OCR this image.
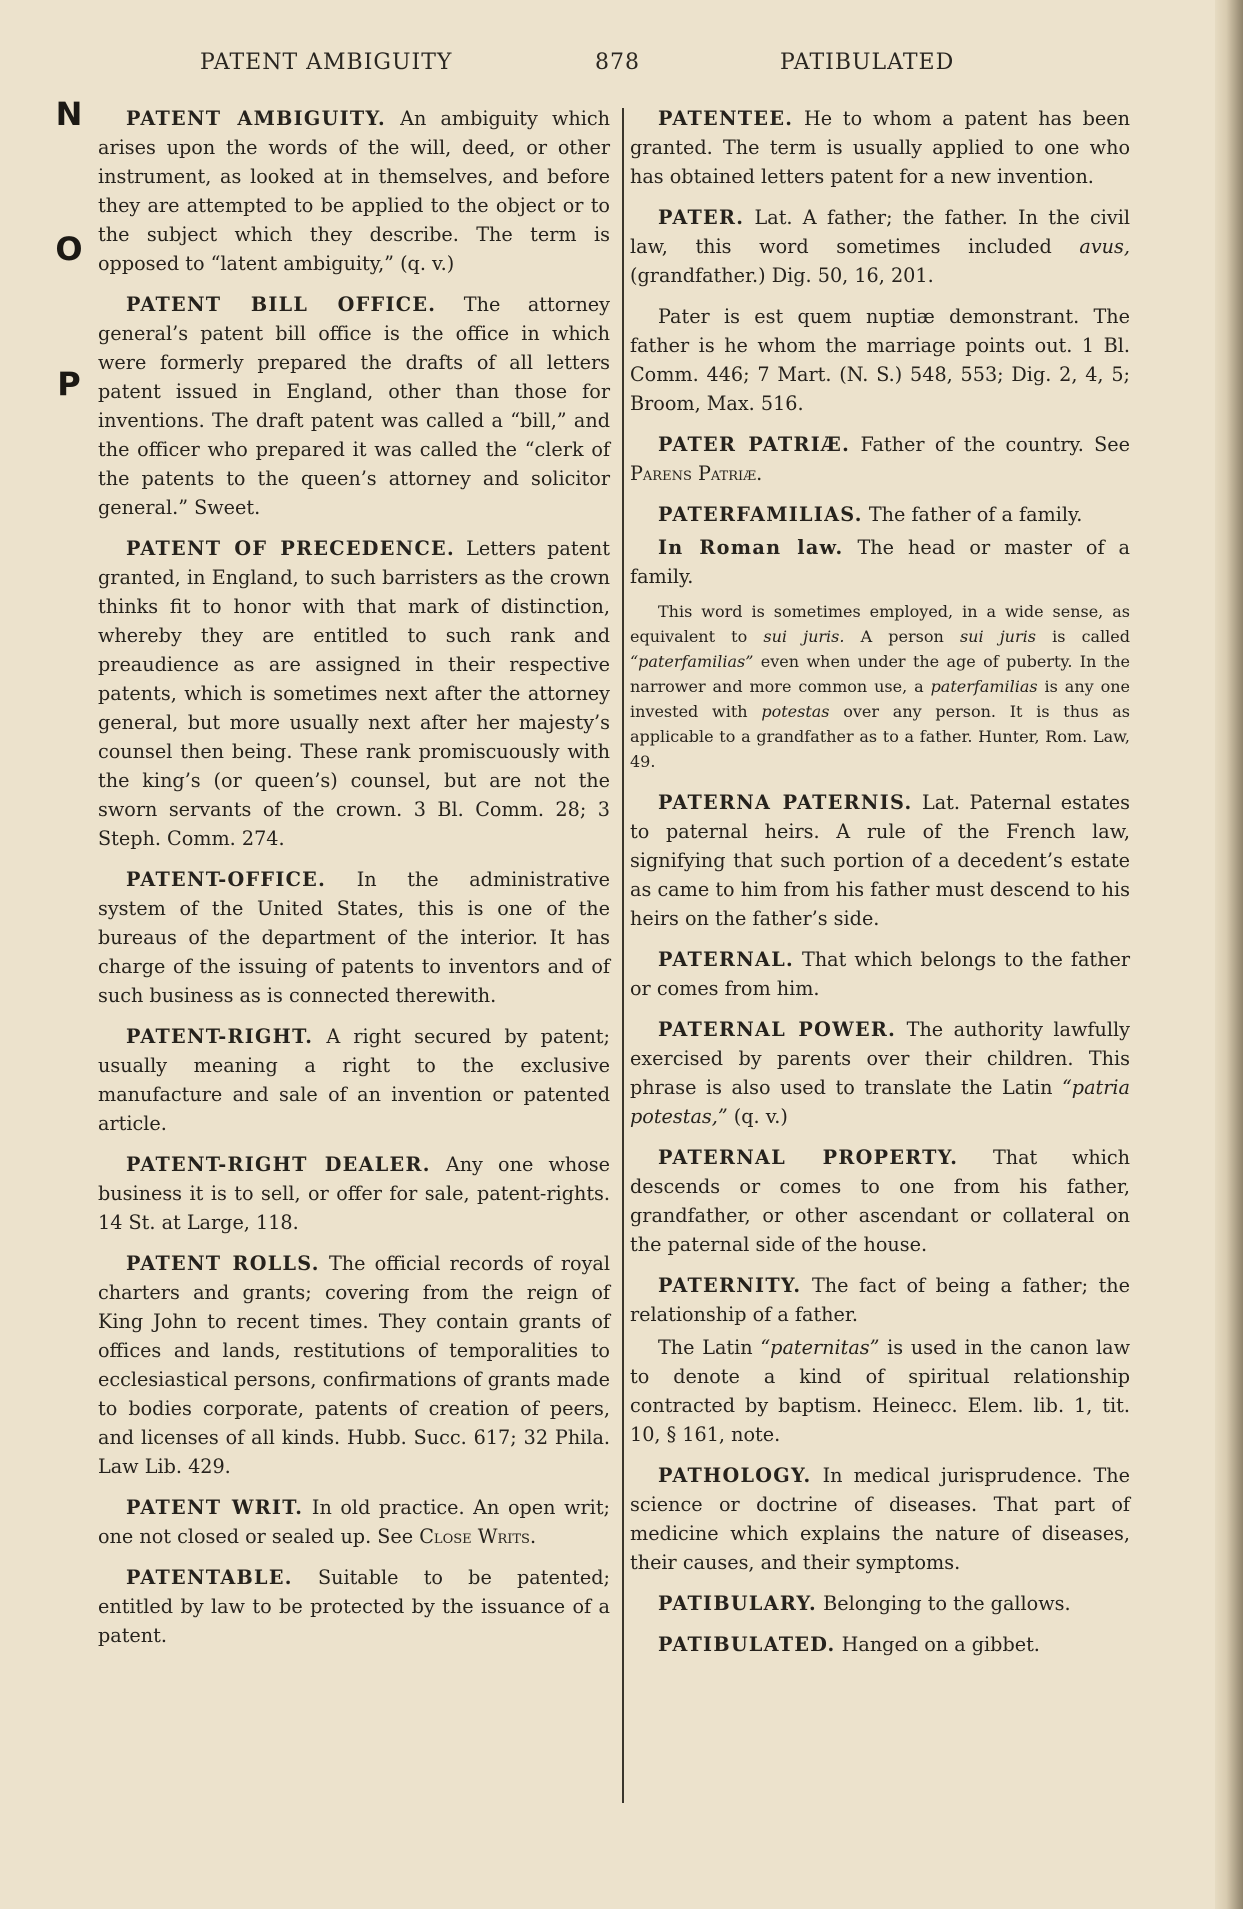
N
O
P
PATENT AMBIGUITY	878	PATIBULATED

PATENT AMBIGUITY. An ambiguity which arises upon the words of the will, deed, or other instrument, as looked at in themselves, and before they are attempted to be applied to the object or to the subject which they describe. The term is opposed to “latent ambiguity,” (q. v.)

PATENT BILL OFFICE. The attorney general’s patent bill office is the office in which were formerly prepared the drafts of all letters patent issued in England, other than those for inventions. The draft patent was called a “bill,” and the officer who prepared it was called the “clerk of the patents to the queen’s attorney and solicitor general.” Sweet.

PATENT OF PRECEDENCE. Letters patent granted, in England, to such barristers as the crown thinks fit to honor with that mark of distinction, whereby they are entitled to such rank and preaudience as are assigned in their respective patents, which is sometimes next after the attorney general, but more usually next after her majesty’s counsel then being. These rank promiscuously with the king’s (or queen’s) counsel, but are not the sworn servants of the crown. 3 Bl. Comm. 28; 3 Steph. Comm. 274.

PATENT-OFFICE. In the administrative system of the United States, this is one of the bureaus of the department of the interior. It has charge of the issuing of patents to inventors and of such business as is connected therewith.

PATENT-RIGHT. A right secured by patent; usually meaning a right to the exclusive manufacture and sale of an invention or patented article.

PATENT-RIGHT DEALER. Any one whose business it is to sell, or offer for sale, patent-rights. 14 St. at Large, 118.

PATENT ROLLS. The official records of royal charters and grants; covering from the reign of King John to recent times. They contain grants of offices and lands, restitutions of temporalities to ecclesiastical persons, confirmations of grants made to bodies corporate, patents of creation of peers, and licenses of all kinds. Hubb. Succ. 617; 32 Phila. Law Lib. 429.

PATENT WRIT. In old practice. An open writ; one not closed or sealed up. See Close Writs.

PATENTABLE. Suitable to be patented; entitled by law to be protected by the issuance of a patent.

PATENTEE. He to whom a patent has been granted. The term is usually applied to one who has obtained letters patent for a new invention.

PATER. Lat. A father; the father. In the civil law, this word sometimes included avus, (grandfather.) Dig. 50, 16, 201.

Pater is est quem nuptiæ demonstrant. The father is he whom the marriage points out. 1 Bl. Comm. 446; 7 Mart. (N. S.) 548, 553; Dig. 2, 4, 5; Broom, Max. 516.

PATER PATRIÆ. Father of the country. See Parens Patriæ.

PATERFAMILIAS. The father of a family.

In Roman law. The head or master of a family.

This word is sometimes employed, in a wide sense, as equivalent to sui juris. A person sui juris is called “paterfamilias” even when under the age of puberty. In the narrower and more common use, a paterfamilias is any one invested with potestas over any person. It is thus as applicable to a grandfather as to a father. Hunter, Rom. Law, 49.

PATERNA PATERNIS. Lat. Paternal estates to paternal heirs. A rule of the French law, signifying that such portion of a decedent’s estate as came to him from his father must descend to his heirs on the father’s side.

PATERNAL. That which belongs to the father or comes from him.

PATERNAL POWER. The authority lawfully exercised by parents over their children. This phrase is also used to translate the Latin “patria potestas,” (q. v.)

PATERNAL PROPERTY. That which descends or comes to one from his father, grandfather, or other ascendant or collateral on the paternal side of the house.

PATERNITY. The fact of being a father; the relationship of a father.

The Latin “paternitas” is used in the canon law to denote a kind of spiritual relationship contracted by baptism. Heinecc. Elem. lib. 1, tit. 10, § 161, note.

PATHOLOGY. In medical jurisprudence. The science or doctrine of diseases. That part of medicine which explains the nature of diseases, their causes, and their symptoms.

PATIBULARY. Belonging to the gallows.

PATIBULATED. Hanged on a gibbet.
